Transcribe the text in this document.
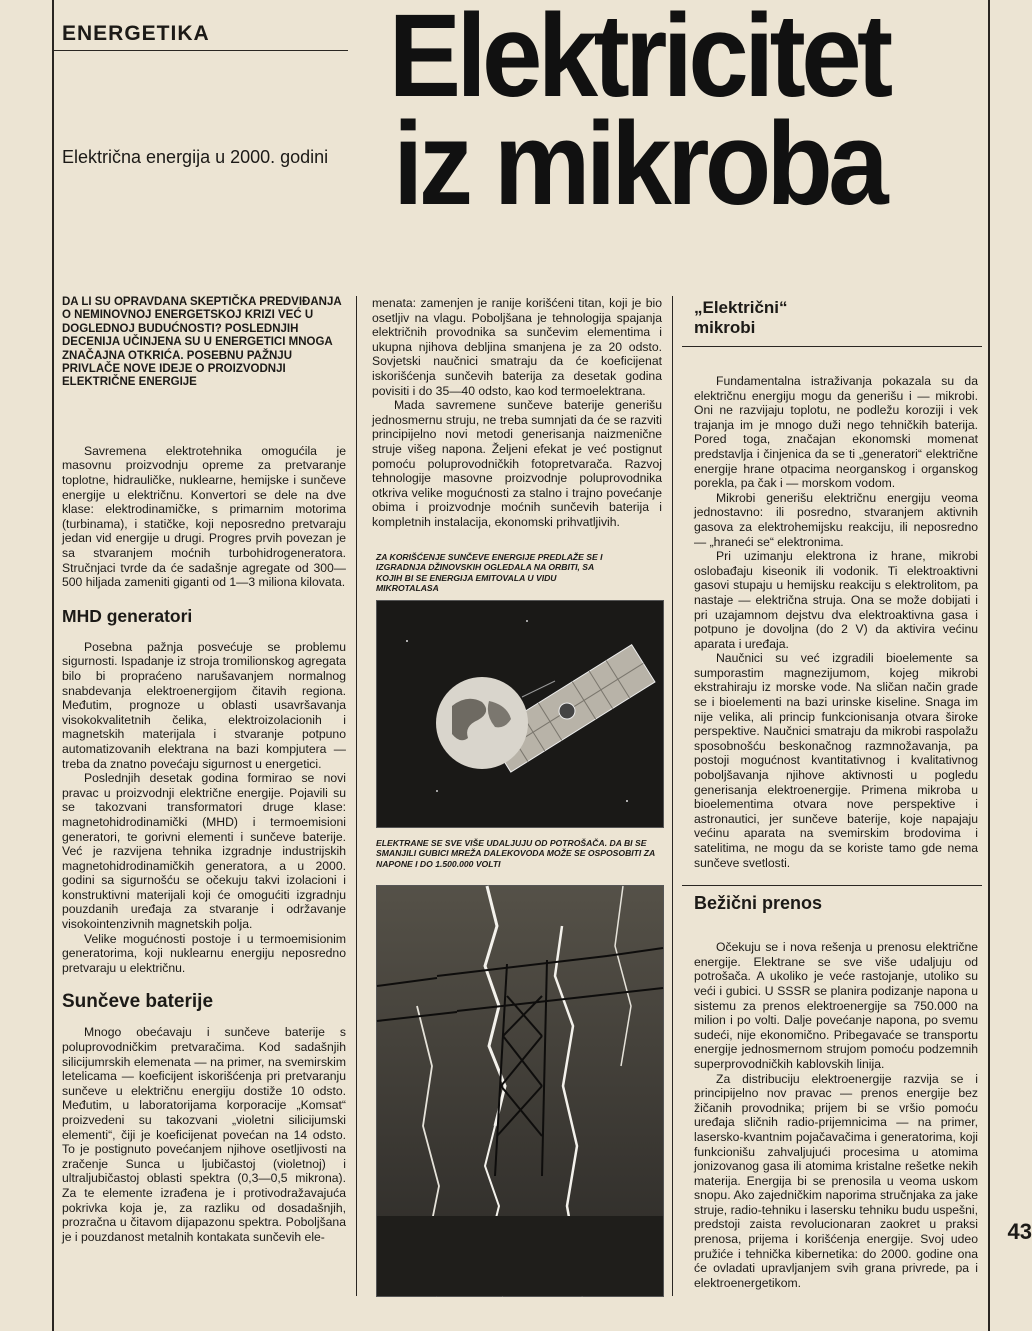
ENERGETIKA
Električna energija u 2000. godini
Elektricitet
iz mikroba

DA LI SU OPRAVDANA SKEPTIČKA PREDVIĐANJA O NEMINOVNOJ ENERGETSKOJ KRIZI VEĆ U DOGLEDNOJ BUDUĆNOSTI? POSLEDNJIH DECENIJA UČINJENA SU U ENERGETICI MNOGA ZNAČAJNA OTKRIĆA. POSEBNU PAŽNJU PRIVLAČE NOVE IDEJE O PROIZVODNJI ELEKTRIČNE ENERGIJE

Savremena elektrotehnika omogućila je masovnu proizvodnju opreme za pretvaranje toplotne, hidrauličke, nuklearne, hemijske i sunčeve energije u električnu. Konvertori se dele na dve klase: elektrodinamičke, s primarnim motorima (turbinama), i statičke, koji neposredno pretvaraju jedan vid energije u drugi. Progres prvih povezan je sa stvaranjem moćnih turbohidrogeneratora. Stručnjaci tvrde da će sadašnje agregate od 300—500 hiljada zameniti giganti od 1—3 miliona kilovata.

MHD generatori

Posebna pažnja posvećuje se problemu sigurnosti. Ispadanje iz stroja tromilionskog agregata bilo bi propraćeno narušavanjem normalnog snabdevanja elektroenergijom čitavih regiona. Međutim, prognoze u oblasti usavršavanja visokokvalitetnih čelika, elektroizolacionih i magnetskih materijala i stvaranje potpuno automatizovanih elektrana na bazi kompjutera — treba da znatno povećaju sigurnost u energetici.

Poslednjih desetak godina formirao se novi pravac u proizvodnji električne energije. Pojavili su se takozvani transformatori druge klase: magnetohidrodinamički (MHD) i termoemisioni generatori, te gorivni elementi i sunčeve baterije. Već je razvijena tehnika izgradnje industrijskih magnetohidrodinamičkih generatora, a u 2000. godini sa sigurnošću se očekuju takvi izolacioni i konstruktivni materijali koji će omogućiti izgradnju pouzdanih uređaja za stvaranje i održavanje visokointenzivnih magnetskih polja.

Velike mogućnosti postoje i u termoemisionim generatorima, koji nuklearnu energiju neposredno pretvaraju u električnu.

Sunčeve baterije

Mnogo obećavaju i sunčeve baterije s poluprovodničkim pretvaračima. Kod sadašnjih silicijumrskih elemenata — na primer, na svemirskim letelicama — koeficijent iskorišćenja pri pretvaranju sunčeve u električnu energiju dostiže 10 odsto. Međutim, u laboratorijama korporacije „Komsat“ proizvedeni su takozvani „violetni silicijumski elementi“, čiji je koeficijenat povećan na 14 odsto. To je postignuto povećanjem njihove osetljivosti na zračenje Sunca u ljubičastoj (violetnoj) i ultraljubičastoj oblasti spektra (0,3—0,5 mikrona). Za te elemente izrađena je i protivodražavajuća pokrivka koja je, za razliku od dosadašnjih, prozračna u čitavom dijapazonu spektra. Poboljšana je i pouzdanost metalnih kontakata sunčevih ele-

menata: zamenjen je ranije korišćeni titan, koji je bio osetljiv na vlagu. Poboljšana je tehnologija spajanja električnih provodnika sa sunčevim elementima i ukupna njihova debljina smanjena je za 20 odsto. Sovjetski naučnici smatraju da će koeficijenat iskorišćenja sunčevih baterija za desetak godina povisiti i do 35—40 odsto, kao kod termoelektrana.

Mada savremene sunčeve baterije generišu jednosmernu struju, ne treba sumnjati da će se razviti principijelno novi metodi generisanja naizmenične struje višeg napona. Željeni efekat je već postignut pomoću poluprovodničkih fotopretvarača. Razvoj tehnologije masovne proizvodnje poluprovodnika otkriva velike mogućnosti za stalno i trajno povećanje obima i proizvodnje moćnih sunčevih baterija i kompletnih instalacija, ekonomski prihvatljivih.

ZA KORIŠĆENJE SUNČEVE ENERGIJE PREDLAŽE SE I IZGRADNJA DŽINOVSKIH OGLEDALA NA ORBITI, SA KOJIH BI SE ENERGIJA EMITOVALA U VIDU MIKROTALASA

ELEKTRANE SE SVE VIŠE UDALJUJU OD POTROŠAČA. DA BI SE SMANJILI GUBICI MREŽA DALEKOVODA MOŽE SE OSPOSOBITI ZA NAPONE I DO 1.500.000 VOLTI

„Električni“ mikrobi

Fundamentalna istraživanja pokazala su da električnu energiju mogu da generišu i — mikrobi. Oni ne razvijaju toplotu, ne podležu koroziji i vek trajanja im je mnogo duži nego tehničkih baterija. Pored toga, značajan ekonomski momenat predstavlja i činjenica da se ti „generatori“ električne energije hrane otpacima neorganskog i organskog porekla, pa čak i — morskom vodom.

Mikrobi generišu električnu energiju veoma jednostavno: ili posredno, stvaranjem aktivnih gasova za elektrohemijsku reakciju, ili neposredno — „hraneći se“ elektronima.

Pri uzimanju elektrona iz hrane, mikrobi oslobađaju kiseonik ili vodonik. Ti elektroaktivni gasovi stupaju u hemijsku reakciju s elektrolitom, pa nastaje — električna struja. Ona se može dobijati i pri uzajamnom dejstvu dva elektroaktivna gasa i potpuno je dovoljna (do 2 V) da aktivira većinu aparata i uređaja.

Naučnici su već izgradili bioelemente sa sumporastim magnezijumom, kojeg mikrobi ekstrahiraju iz morske vode. Na sličan način grade se i bioelementi na bazi urinske kiseline. Snaga im nije velika, ali princip funkcionisanja otvara široke perspektive. Naučnici smatraju da mikrobi raspolažu sposobnošću beskonačnog razmnožavanja, pa postoji mogućnost kvantitativnog i kvalitativnog poboljšavanja njihove aktivnosti u pogledu generisanja elektroenergije. Primena mikroba u bioelementima otvara nove perspektive i astronautici, jer sunčeve baterije, koje napajaju većinu aparata na svemirskim brodovima i satelitima, ne mogu da se koriste tamo gde nema sunčeve svetlosti.

Bežični prenos

Očekuju se i nova rešenja u prenosu električne energije. Elektrane se sve više udaljuju od potrošača. A ukoliko je veće rastojanje, utoliko su veći i gubici. U SSSR se planira podizanje napona u sistemu za prenos elektroenergije sa 750.000 na milion i po volti. Dalje povećanje napona, po svemu sudeći, nije ekonomično. Pribegavaće se transportu energije jednosmernom strujom pomoću podzemnih superprovodničkih kablovskih linija.

Za distribuciju elektroenergije razvija se i principijelno nov pravac — prenos energije bez žičanih provodnika; prijem bi se vršio pomoću uređaja sličnih radio-prijemnicima — na primer, lasersko-kvantnim pojačavačima i generatorima, koji funkcionišu zahvaljujući procesima u atomima jonizovanog gasa ili atomima kristalne rešetke nekih materija. Energija bi se prenosila u veoma uskom snopu. Ako zajedničkim naporima stručnjaka za jake struje, radio-tehniku i lasersku tehniku budu uspešni, predstoji zaista revolucionaran zaokret u praksi prenosa, prijema i korišćenja energije. Svoj udeo pružiće i tehnička kibernetika: do 2000. godine ona će ovladati upravljanjem svih grana privrede, pa i elektroenergetikom.

43
